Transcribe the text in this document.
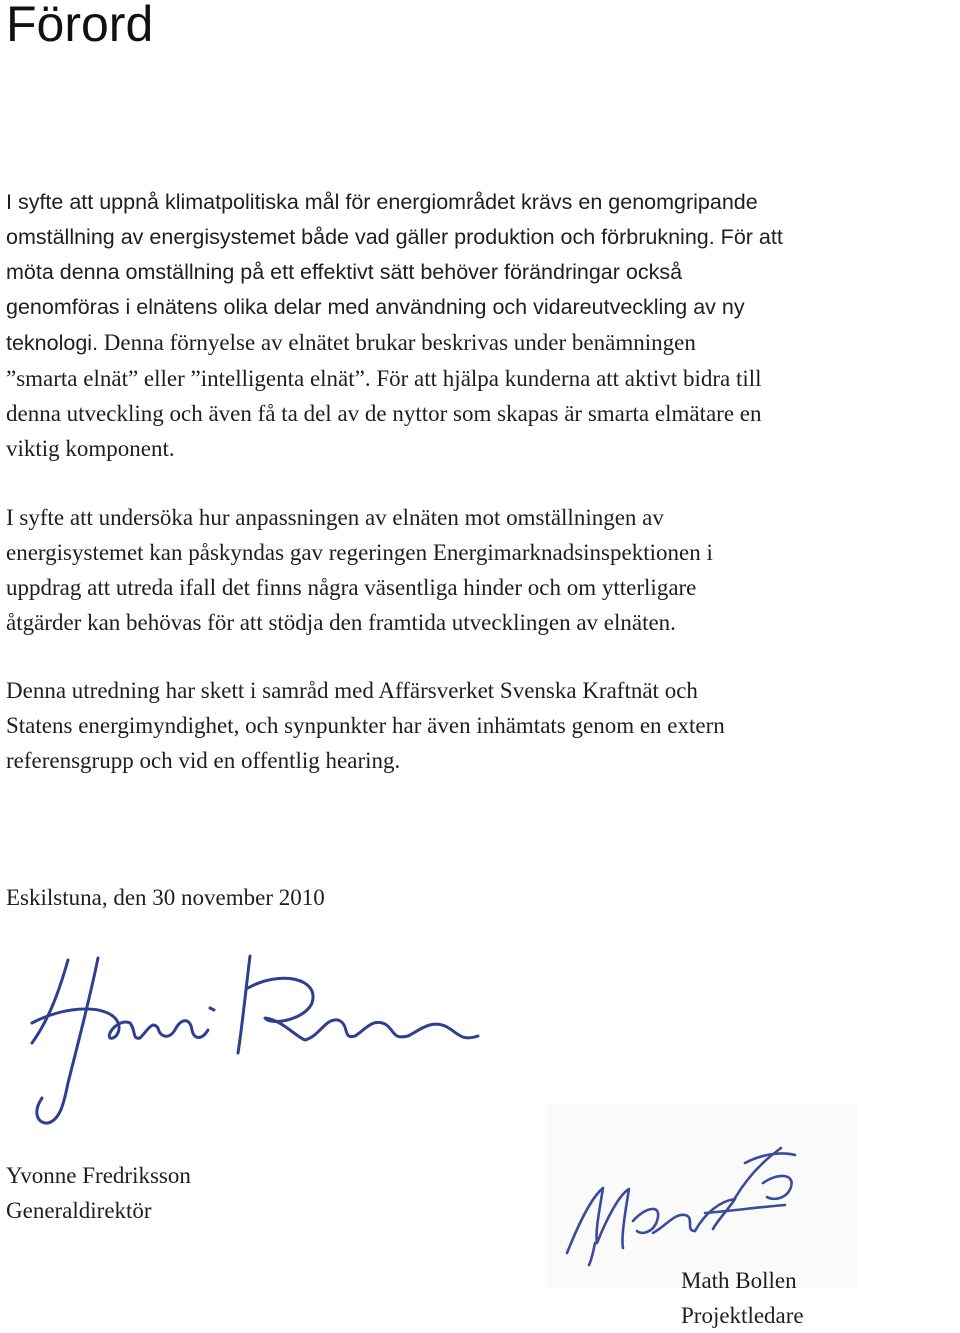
Förord

I syfte att uppnå klimatpolitiska mål för energiområdet krävs en genomgripande
omställning av energisystemet både vad gäller produktion och förbrukning. För att
möta denna omställning på ett effektivt sätt behöver förändringar också
genomföras i elnätens olika delar med användning och vidareutveckling av ny
teknologi. Denna förnyelse av elnätet brukar beskrivas under benämningen
”smarta elnät” eller ”intelligenta elnät”. För att hjälpa kunderna att aktivt bidra till
denna utveckling och även få ta del av de nyttor som skapas är smarta elmätare en
viktig komponent.

I syfte att undersöka hur anpassningen av elnäten mot omställningen av
energisystemet kan påskyndas gav regeringen Energimarknadsinspektionen i
uppdrag att utreda ifall det finns några väsentliga hinder och om ytterligare
åtgärder kan behövas för att stödja den framtida utvecklingen av elnäten.

Denna utredning har skett i samråd med Affärsverket Svenska Kraftnät och
Statens energimyndighet, och synpunkter har även inhämtats genom en extern
referensgrupp och vid en offentlig hearing.

Eskilstuna, den 30 november 2010

Yvonne Fredriksson
Generaldirektör

Math Bollen
Projektledare
